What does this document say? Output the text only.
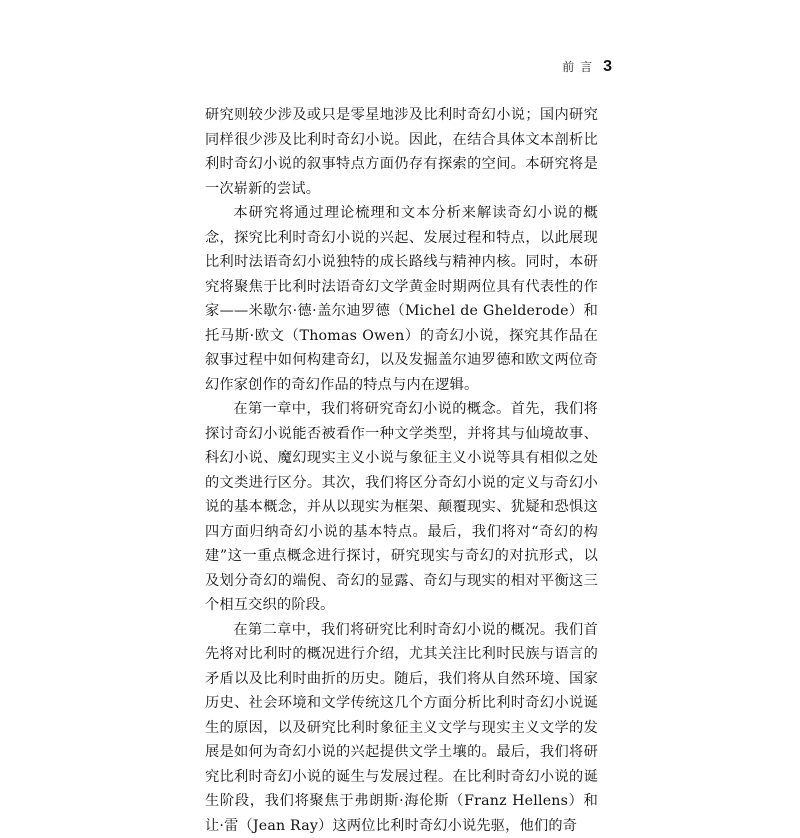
前 言 3

研究则较少涉及或只是零星地涉及比利时奇幻小说；国内研究同样很少涉及比利时奇幻小说。因此，在结合具体文本剖析比利时奇幻小说的叙事特点方面仍存有探索的空间。本研究将是一次崭新的尝试。

本研究将通过理论梳理和文本分析来解读奇幻小说的概念，探究比利时奇幻小说的兴起、发展过程和特点，以此展现比利时法语奇幻小说独特的成长路线与精神内核。同时，本研究将聚焦于比利时法语奇幻文学黄金时期两位具有代表性的作家——米歇尔·德·盖尔迪罗德（Michel de Ghelderode）和托马斯·欧文（Thomas Owen）的奇幻小说，探究其作品在叙事过程中如何构建奇幻，以及发掘盖尔迪罗德和欧文两位奇幻作家创作的奇幻作品的特点与内在逻辑。

在第一章中，我们将研究奇幻小说的概念。首先，我们将探讨奇幻小说能否被看作一种文学类型，并将其与仙境故事、科幻小说、魔幻现实主义小说与象征主义小说等具有相似之处的文类进行区分。其次，我们将区分奇幻小说的定义与奇幻小说的基本概念，并从以现实为框架、颠覆现实、犹疑和恐惧这四方面归纳奇幻小说的基本特点。最后，我们将对“奇幻的构建”这一重点概念进行探讨，研究现实与奇幻的对抗形式，以及划分奇幻的端倪、奇幻的显露、奇幻与现实的相对平衡这三个相互交织的阶段。

在第二章中，我们将研究比利时奇幻小说的概况。我们首先将对比利时的概况进行介绍，尤其关注比利时民族与语言的矛盾以及比利时曲折的历史。随后，我们将从自然环境、国家历史、社会环境和文学传统这几个方面分析比利时奇幻小说诞生的原因，以及研究比利时象征主义文学与现实主义文学的发展是如何为奇幻小说的兴起提供文学土壤的。最后，我们将研究比利时奇幻小说的诞生与发展过程。在比利时奇幻小说的诞生阶段，我们将聚焦于弗朗斯·海伦斯（Franz Hellens）和让·雷（Jean Ray）这两位比利时奇幻小说先驱，他们的奇
